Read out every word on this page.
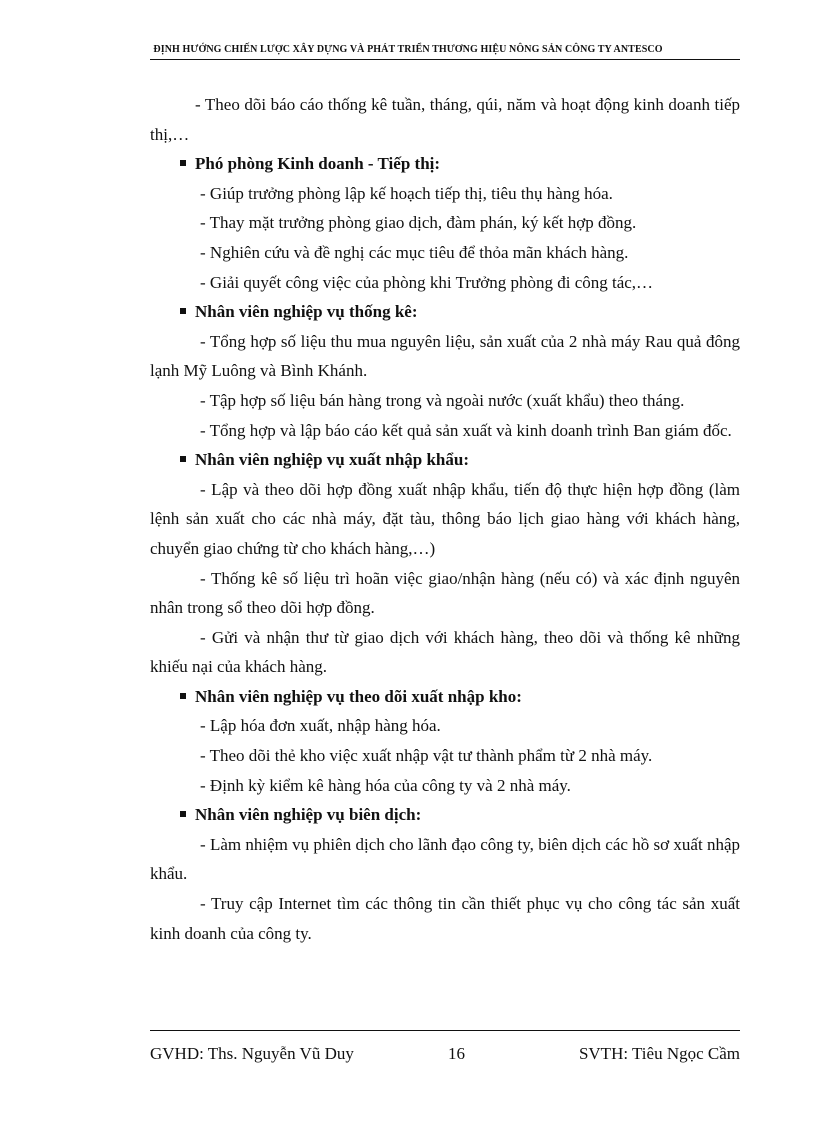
ĐỊNH HƯỚNG CHIẾN LƯỢC XÂY DỰNG VÀ PHÁT TRIỂN THƯƠNG HIỆU NÔNG SẢN CÔNG TY ANTESCO

- Theo dõi báo cáo thống kê tuần, tháng, qúi, năm và hoạt động kinh doanh tiếp thị,…

Phó phòng Kinh doanh - Tiếp thị:

- Giúp trưởng phòng lập kế hoạch tiếp thị, tiêu thụ hàng hóa.

- Thay mặt trưởng phòng giao dịch, đàm phán, ký kết hợp đồng.

- Nghiên cứu và đề nghị các mục tiêu để thỏa mãn khách hàng.

- Giải quyết công việc của phòng khi Trưởng phòng đi công tác,…

Nhân viên nghiệp vụ thống kê:

- Tổng hợp số liệu thu mua nguyên liệu, sản xuất của 2 nhà máy Rau quả đông lạnh Mỹ Luông và Bình Khánh.

- Tập hợp số liệu bán hàng trong và ngoài nước (xuất khẩu) theo tháng.

- Tổng hợp và lập báo cáo kết quả sản xuất và kinh doanh trình Ban giám đốc.

Nhân viên nghiệp vụ xuất nhập khẩu:

- Lập và theo dõi hợp đồng xuất nhập khẩu, tiến độ thực hiện hợp đồng (làm lệnh sản xuất cho các nhà máy, đặt tàu, thông báo lịch giao hàng với khách hàng, chuyển giao chứng từ cho khách hàng,…)

- Thống kê số liệu trì hoãn việc giao/nhận hàng (nếu có) và xác định nguyên nhân trong sổ theo dõi hợp đồng.

- Gửi và nhận thư từ giao dịch với khách hàng, theo dõi và thống kê những khiếu nại của khách hàng.

Nhân viên nghiệp vụ theo dõi xuất nhập kho:

- Lập hóa đơn xuất, nhập hàng hóa.

- Theo dõi thẻ kho việc xuất nhập vật tư thành phẩm từ 2 nhà máy.

- Định kỳ kiểm kê hàng hóa của công ty và 2 nhà máy.

Nhân viên nghiệp vụ biên dịch:

- Làm nhiệm vụ phiên dịch cho lãnh đạo công ty, biên dịch các hồ sơ xuất nhập khẩu.

- Truy cập Internet tìm các thông tin cần thiết phục vụ cho công tác sản xuất kinh doanh của công ty.

GVHD: Ths. Nguyễn Vũ Duy	16	SVTH: Tiêu Ngọc Cầm
